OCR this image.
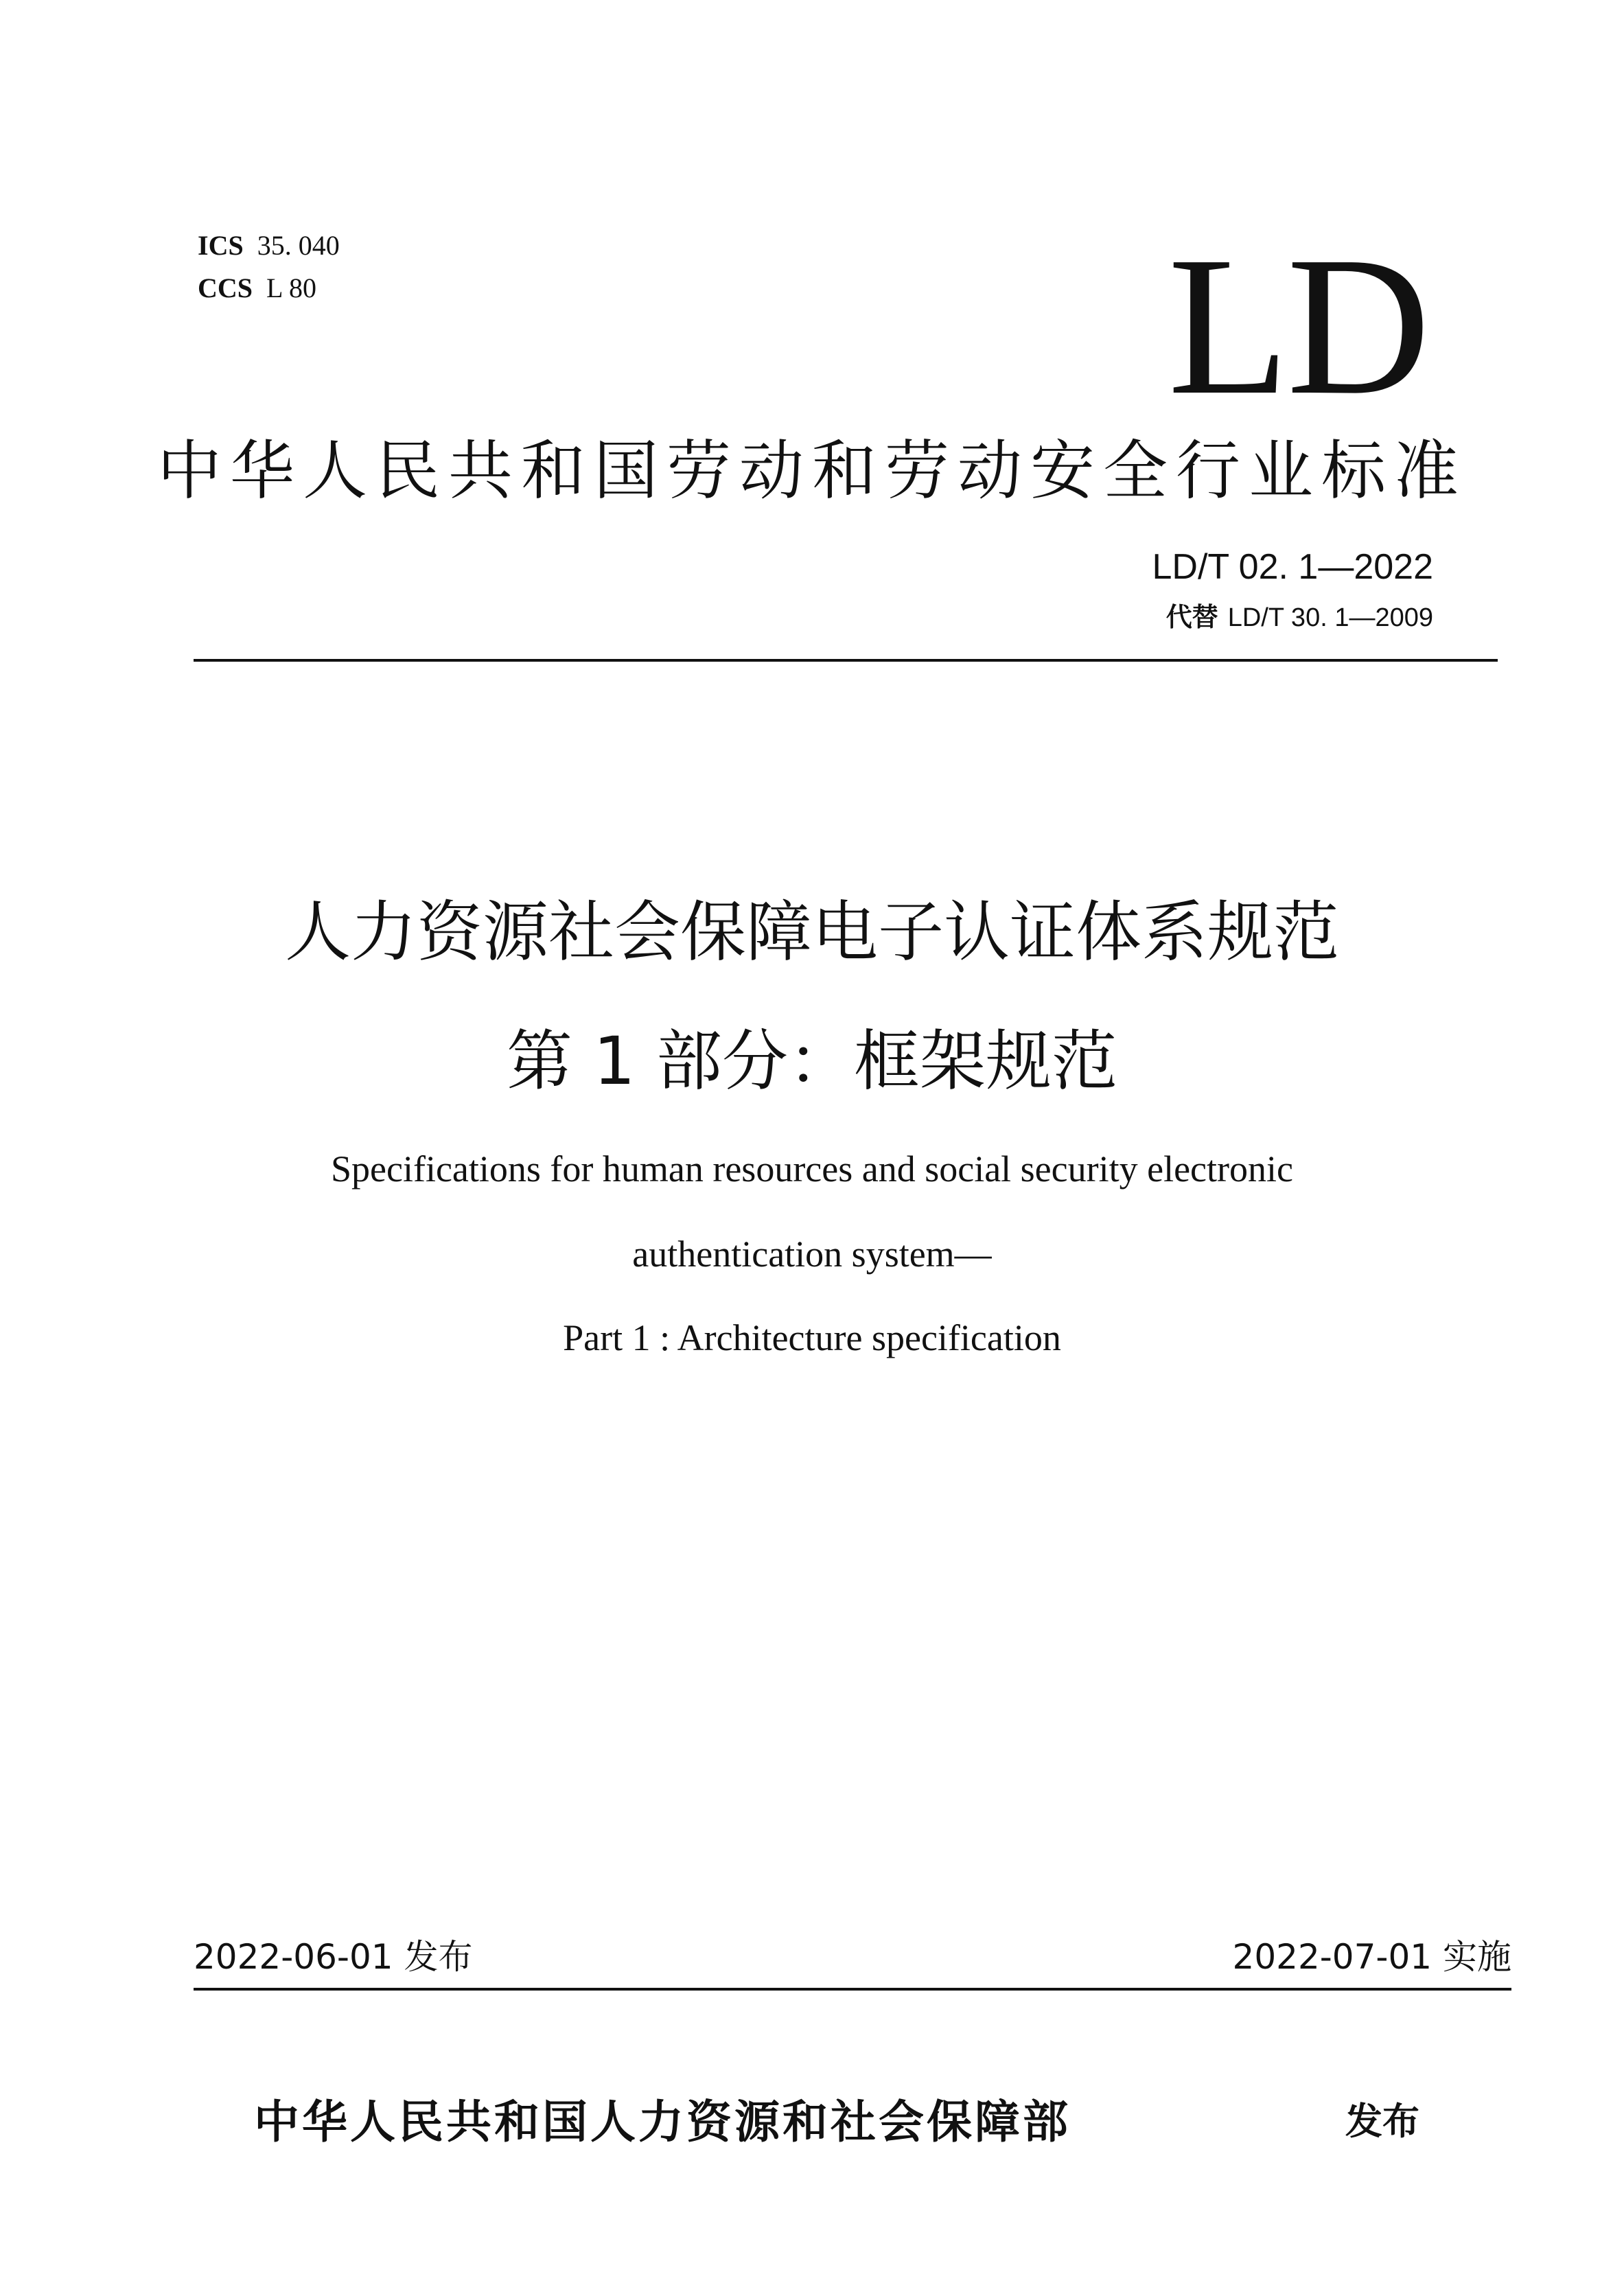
ICS 35. 040
CCS L 80	LD
中华人民共和国劳动和劳动安全行业标准
LD/T 02. 1—2022
代替 LD/T 30. 1—2009
人力资源社会保障电子认证体系规范
第 1 部分：框架规范
Specifications for human resources and social security electronic
authentication system—
Part 1 : Architecture specification
2022-06-01 发布	2022-07-01 实施
中华人民共和国人力资源和社会保障部	发布
